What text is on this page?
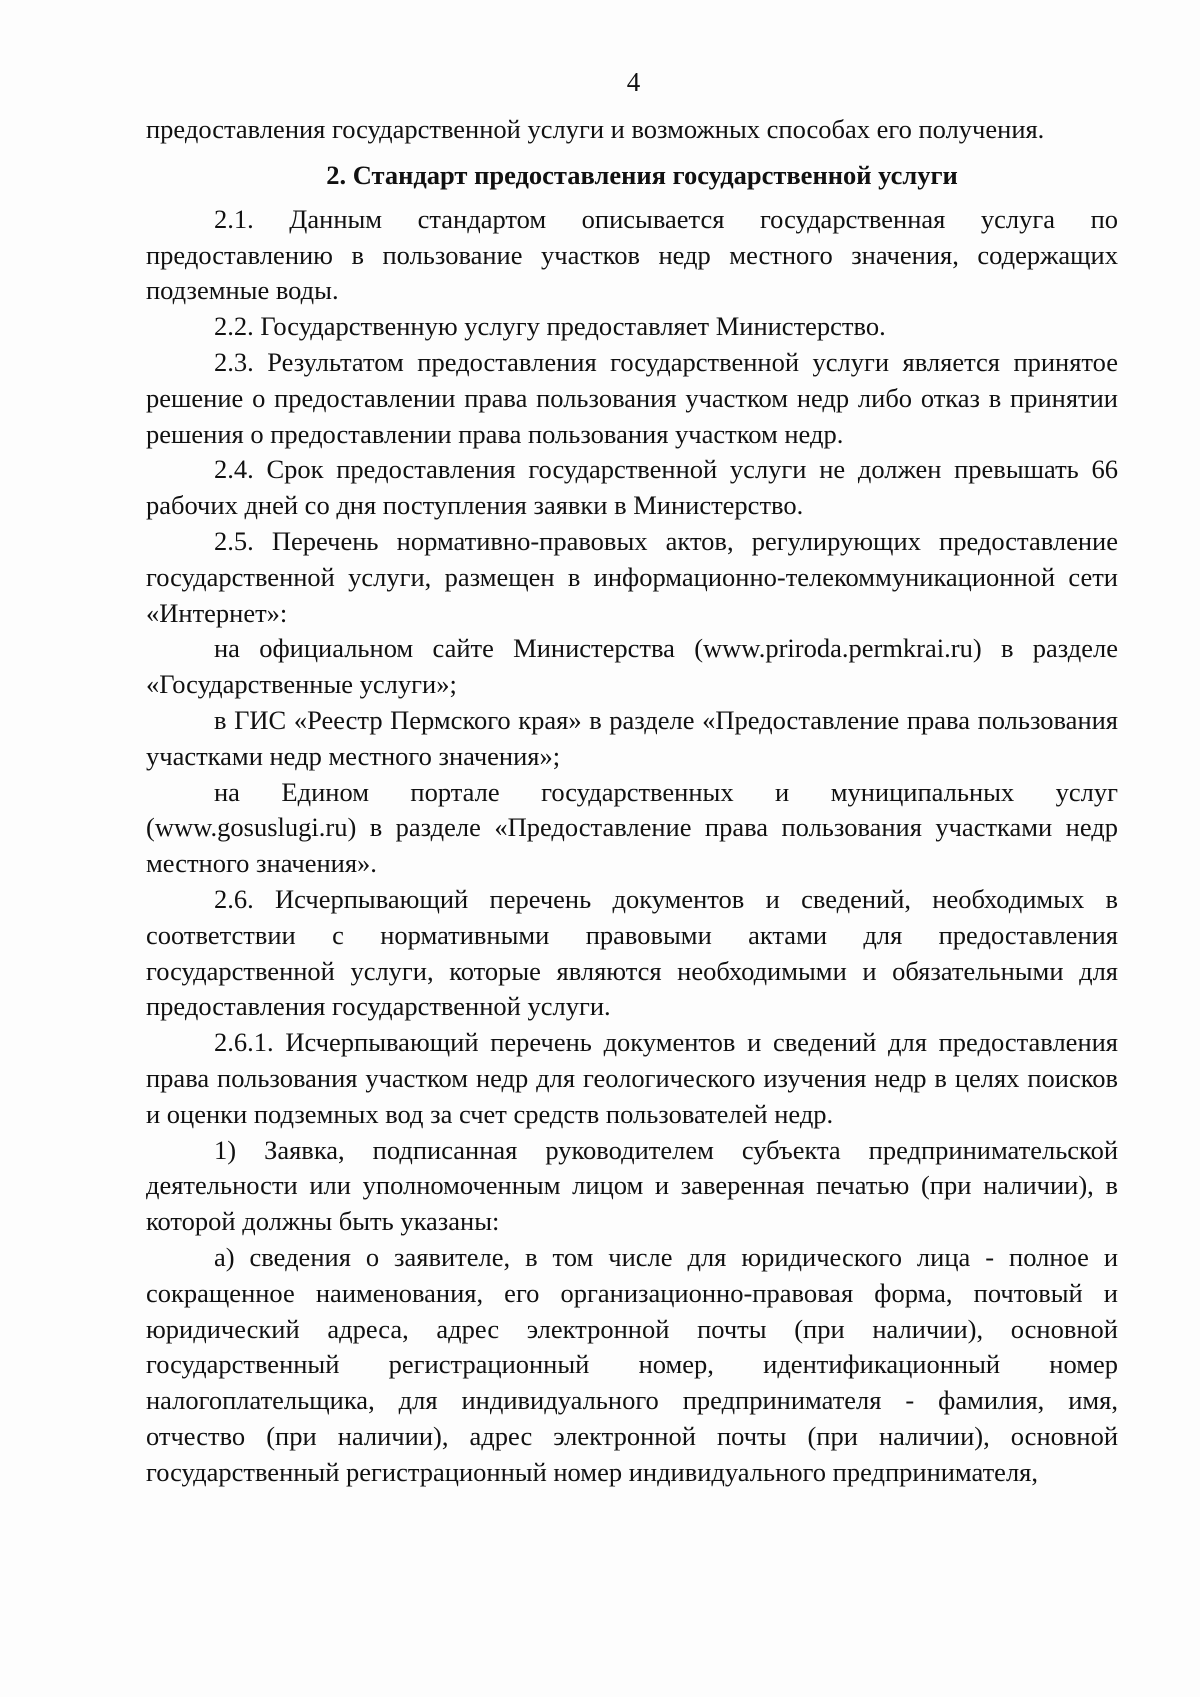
4

предоставления государственной услуги и возможных способах его получения.

2. Стандарт предоставления государственной услуги

2.1. Данным стандартом описывается государственная услуга по предоставлению в пользование участков недр местного значения, содержащих подземные воды.

2.2. Государственную услугу предоставляет Министерство.

2.3. Результатом предоставления государственной услуги является принятое решение о предоставлении права пользования участком недр либо отказ в принятии решения о предоставлении права пользования участком недр.

2.4. Срок предоставления государственной услуги не должен превышать 66 рабочих дней со дня поступления заявки в Министерство.

2.5. Перечень нормативно-правовых актов, регулирующих предоставление государственной услуги, размещен в информационно-телекоммуникационной сети «Интернет»:

на официальном сайте Министерства (www.priroda.permkrai.ru) в разделе «Государственные услуги»;

в ГИС «Реестр Пермского края» в разделе «Предоставление права пользования участками недр местного значения»;

на Едином портале государственных и муниципальных услуг (www.gosuslugi.ru) в разделе «Предоставление права пользования участками недр местного значения».

2.6. Исчерпывающий перечень документов и сведений, необходимых в соответствии с нормативными правовыми актами для предоставления государственной услуги, которые являются необходимыми и обязательными для предоставления государственной услуги.

2.6.1. Исчерпывающий перечень документов и сведений для предоставления права пользования участком недр для геологического изучения недр в целях поисков и оценки подземных вод за счет средств пользователей недр.

1) Заявка, подписанная руководителем субъекта предпринимательской деятельности или уполномоченным лицом и заверенная печатью (при наличии), в которой должны быть указаны:

а) сведения о заявителе, в том числе для юридического лица - полное и сокращенное наименования, его организационно-правовая форма, почтовый и юридический адреса, адрес электронной почты (при наличии), основной государственный регистрационный номер, идентификационный номер налогоплательщика, для индивидуального предпринимателя - фамилия, имя, отчество (при наличии), адрес электронной почты (при наличии), основной государственный регистрационный номер индивидуального предпринимателя,
